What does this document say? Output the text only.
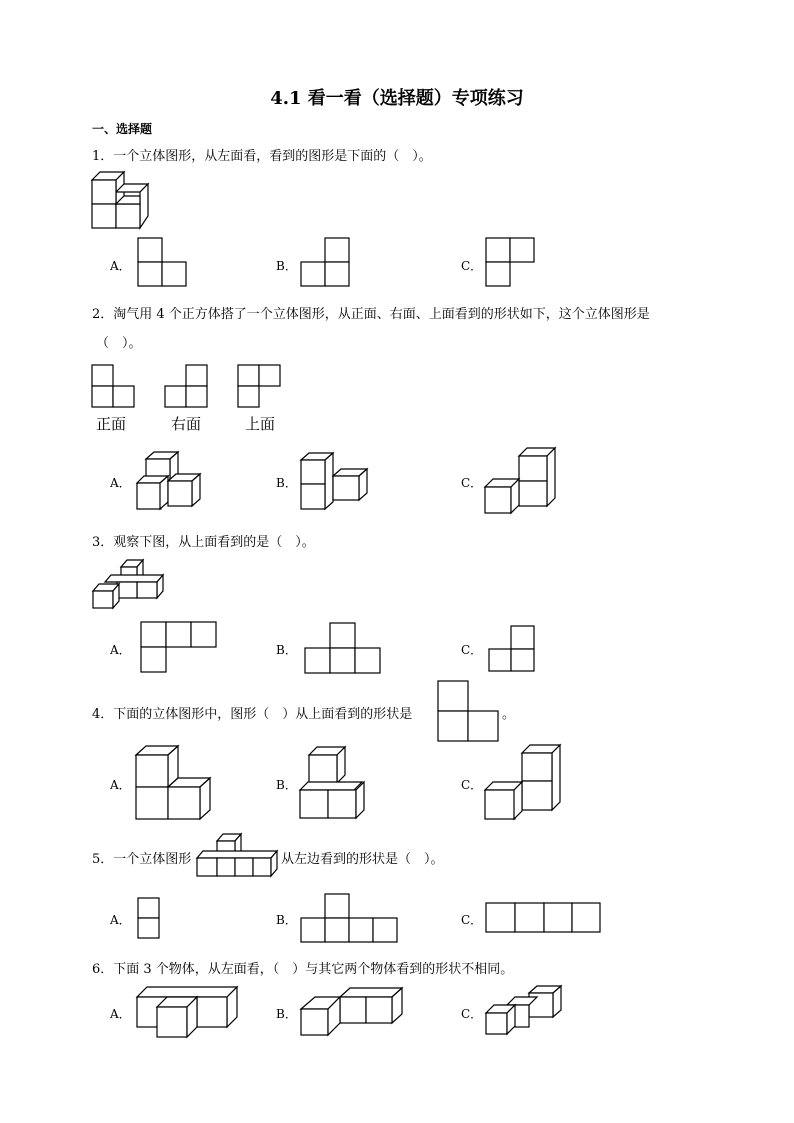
4.1 看一看（选择题）专项练习
一、选择题
1．一个立体图形，从左面看，看到的图形是下面的（　）。
A．	B．	C．
2．淘气用 4 个正方体搭了一个立体图形，从正面、右面、上面看到的形状如下，这个立体图形是
（　）。
正面	右面	上面
A．	B．	C．
3．观察下图，从上面看到的是（　）。
A．	B．	C．
4．下面的立体图形中，图形（　）从上面看到的形状是	。
A．	B．	C．
5．一个立体图形	从左边看到的形状是（　）。
A．	B．	C．
6．下面 3 个物体，从左面看，（　）与其它两个物体看到的形状不相同。
A．	B．	C．
